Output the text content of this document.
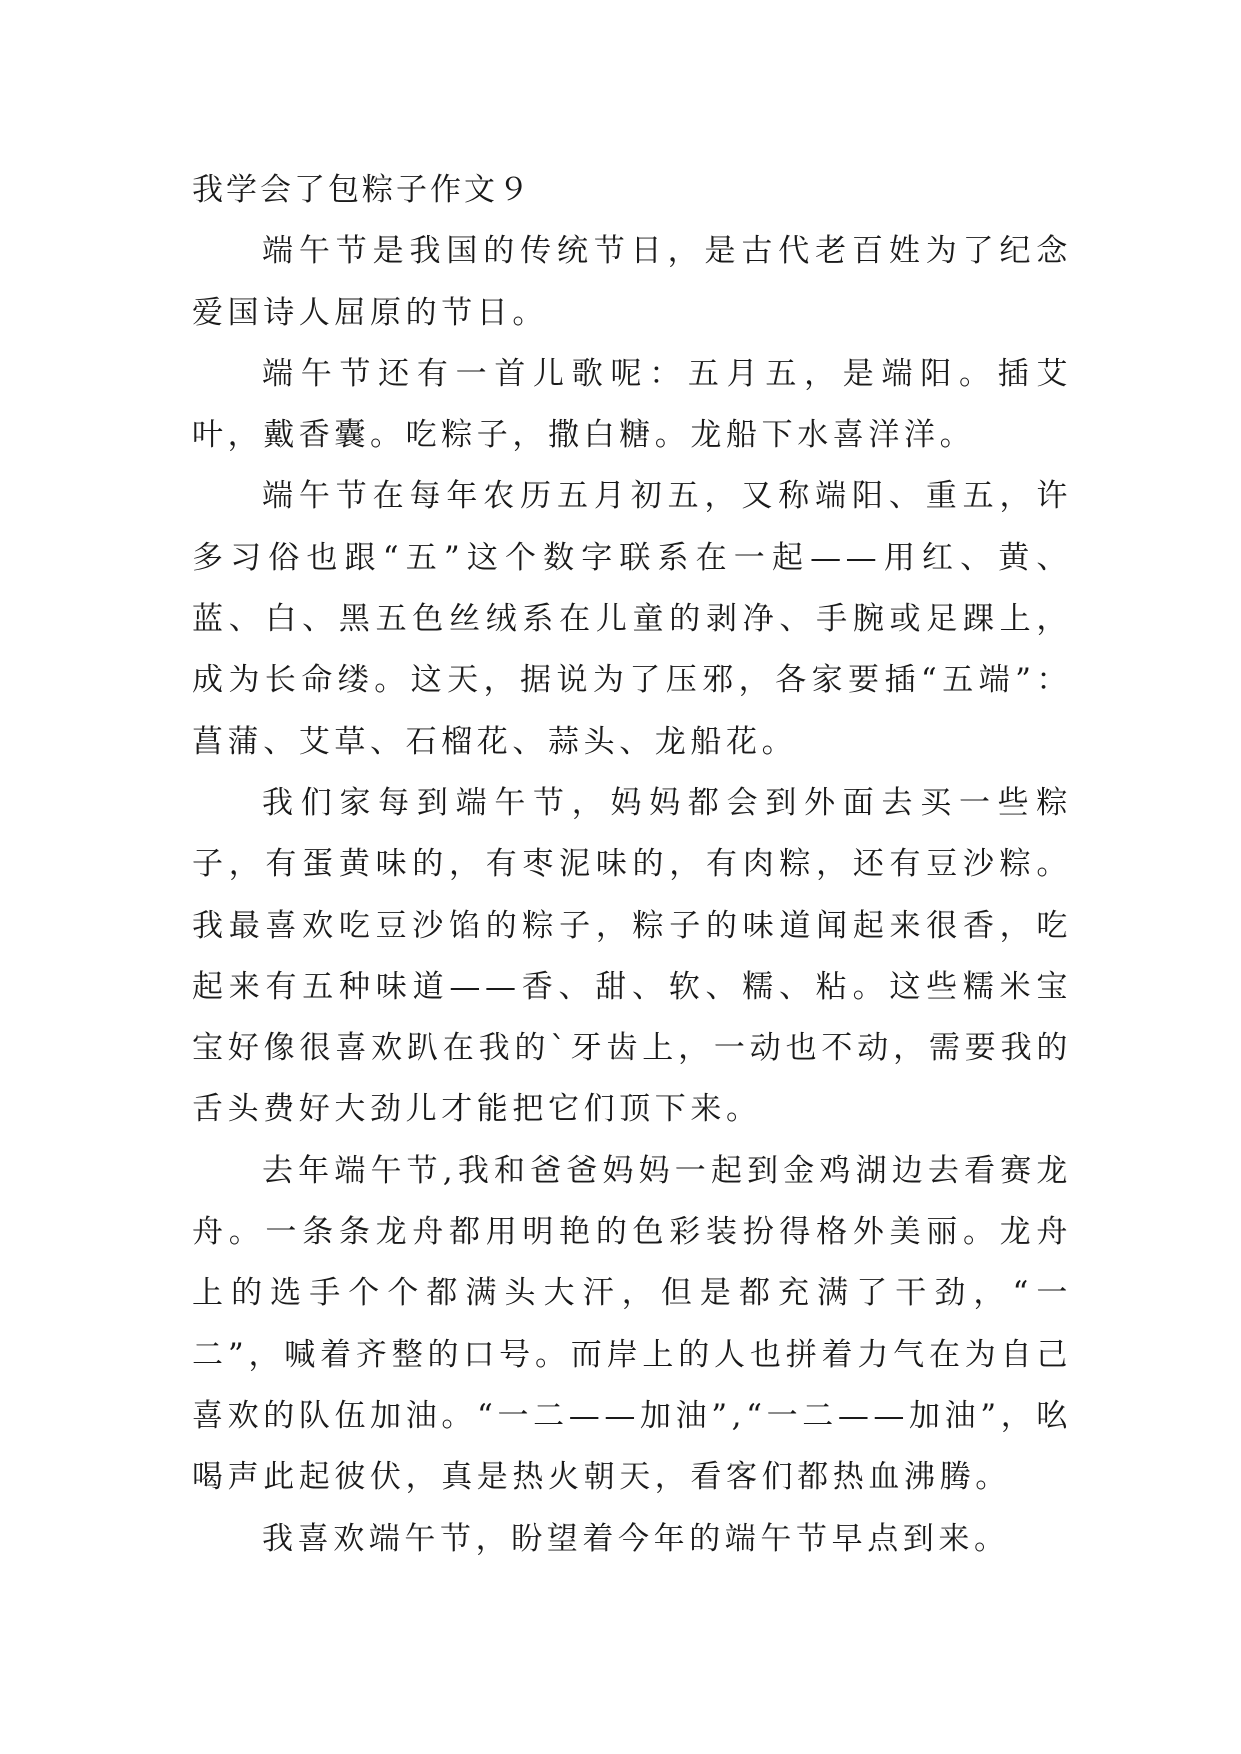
我学会了包粽子作文９

端午节是我国的传统节日，是古代老百姓为了纪念爱国诗人屈原的节日。

端午节还有一首儿歌呢：五月五，是端阳。插艾叶，戴香囊。吃粽子，撒白糖。龙船下水喜洋洋。

端午节在每年农历五月初五，又称端阳、重五，许多习俗也跟“五”这个数字联系在一起——用红、黄、蓝、白、黑五色丝绒系在儿童的剥净、手腕或足踝上，成为长命缕。这天，据说为了压邪，各家要插“五端”：菖蒲、艾草、石榴花、蒜头、龙船花。

我们家每到端午节，妈妈都会到外面去买一些粽子，有蛋黄味的，有枣泥味的，有肉粽，还有豆沙粽。我最喜欢吃豆沙馅的粽子，粽子的味道闻起来很香，吃起来有五种味道——香、甜、软、糯、粘。这些糯米宝宝好像很喜欢趴在我的`牙齿上，一动也不动，需要我的舌头费好大劲儿才能把它们顶下来。

去年端午节,我和爸爸妈妈一起到金鸡湖边去看赛龙舟。一条条龙舟都用明艳的色彩装扮得格外美丽。龙舟上的选手个个都满头大汗，但是都充满了干劲，“一二”，喊着齐整的口号。而岸上的人也拼着力气在为自己喜欢的队伍加油。“一二——加油”,“一二——加油”，吆喝声此起彼伏，真是热火朝天，看客们都热血沸腾。

我喜欢端午节，盼望着今年的端午节早点到来。
